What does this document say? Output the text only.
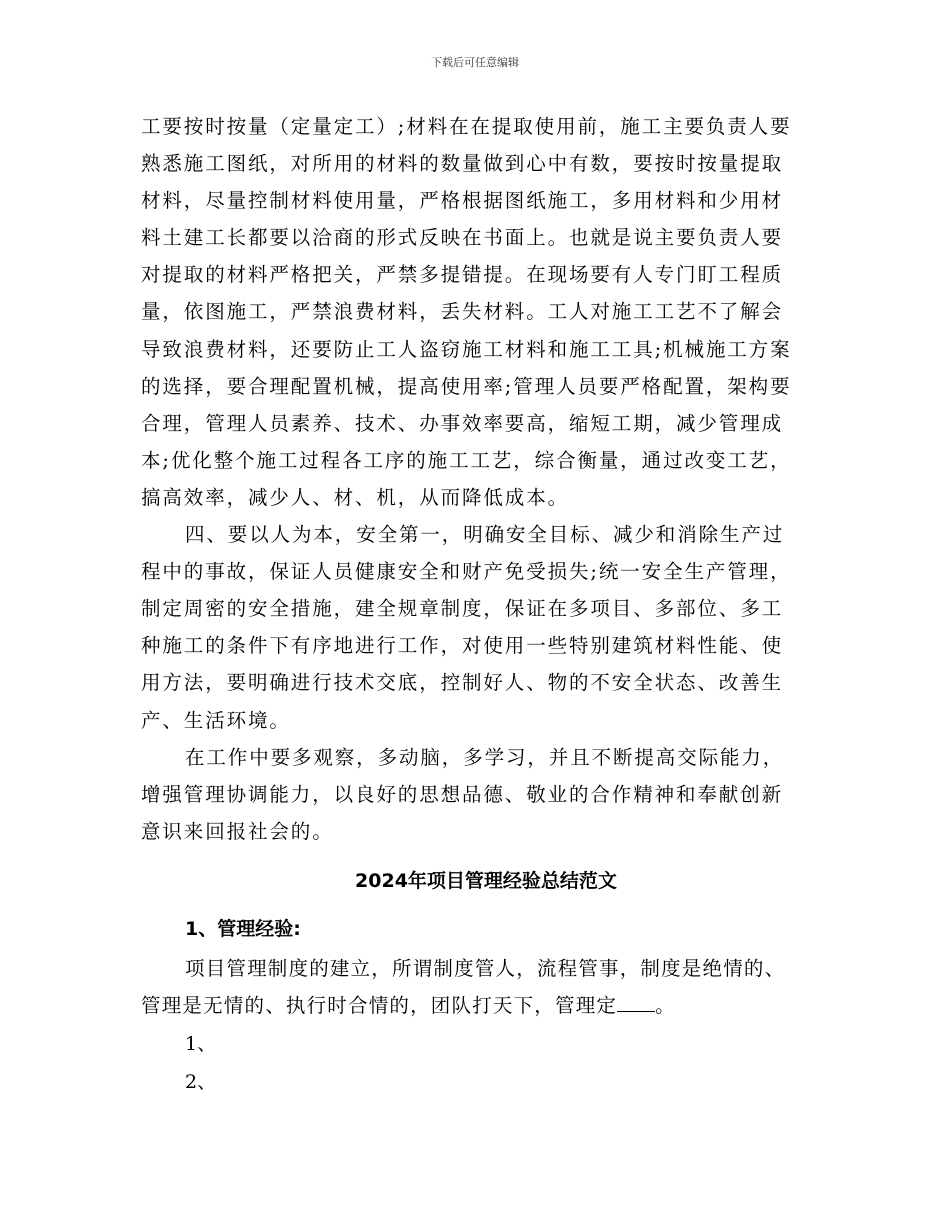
下载后可任意编辑

工要按时按量（定量定工）;材料在在提取使用前，施工主要负责人要
熟悉施工图纸，对所用的材料的数量做到心中有数，要按时按量提取
材料，尽量控制材料使用量，严格根据图纸施工，多用材料和少用材
料土建工长都要以洽商的形式反映在书面上。也就是说主要负责人要
对提取的材料严格把关，严禁多提错提。在现场要有人专门盯工程质
量，依图施工，严禁浪费材料，丢失材料。工人对施工工艺不了解会
导致浪费材料，还要防止工人盗窃施工材料和施工工具;机械施工方案
的选择，要合理配置机械，提高使用率;管理人员要严格配置，架构要
合理，管理人员素养、技术、办事效率要高，缩短工期，减少管理成
本;优化整个施工过程各工序的施工工艺，综合衡量，通过改变工艺，
搞高效率，减少人、材、机，从而降低成本。

四、要以人为本，安全第一，明确安全目标、减少和消除生产过
程中的事故，保证人员健康安全和财产免受损失;统一安全生产管理，
制定周密的安全措施，建全规章制度，保证在多项目、多部位、多工
种施工的条件下有序地进行工作，对使用一些特别建筑材料性能、使
用方法，要明确进行技术交底，控制好人、物的不安全状态、改善生
产、生活环境。

在工作中要多观察，多动脑，多学习，并且不断提高交际能力，
增强管理协调能力，以良好的思想品德、敬业的合作精神和奉献创新
意识来回报社会的。

2024年项目管理经验总结范文
1、管理经验:

项目管理制度的建立，所谓制度管人，流程管事，制度是绝情的、
管理是无情的、执行时合情的，团队打天下，管理定 。

1、
2、
